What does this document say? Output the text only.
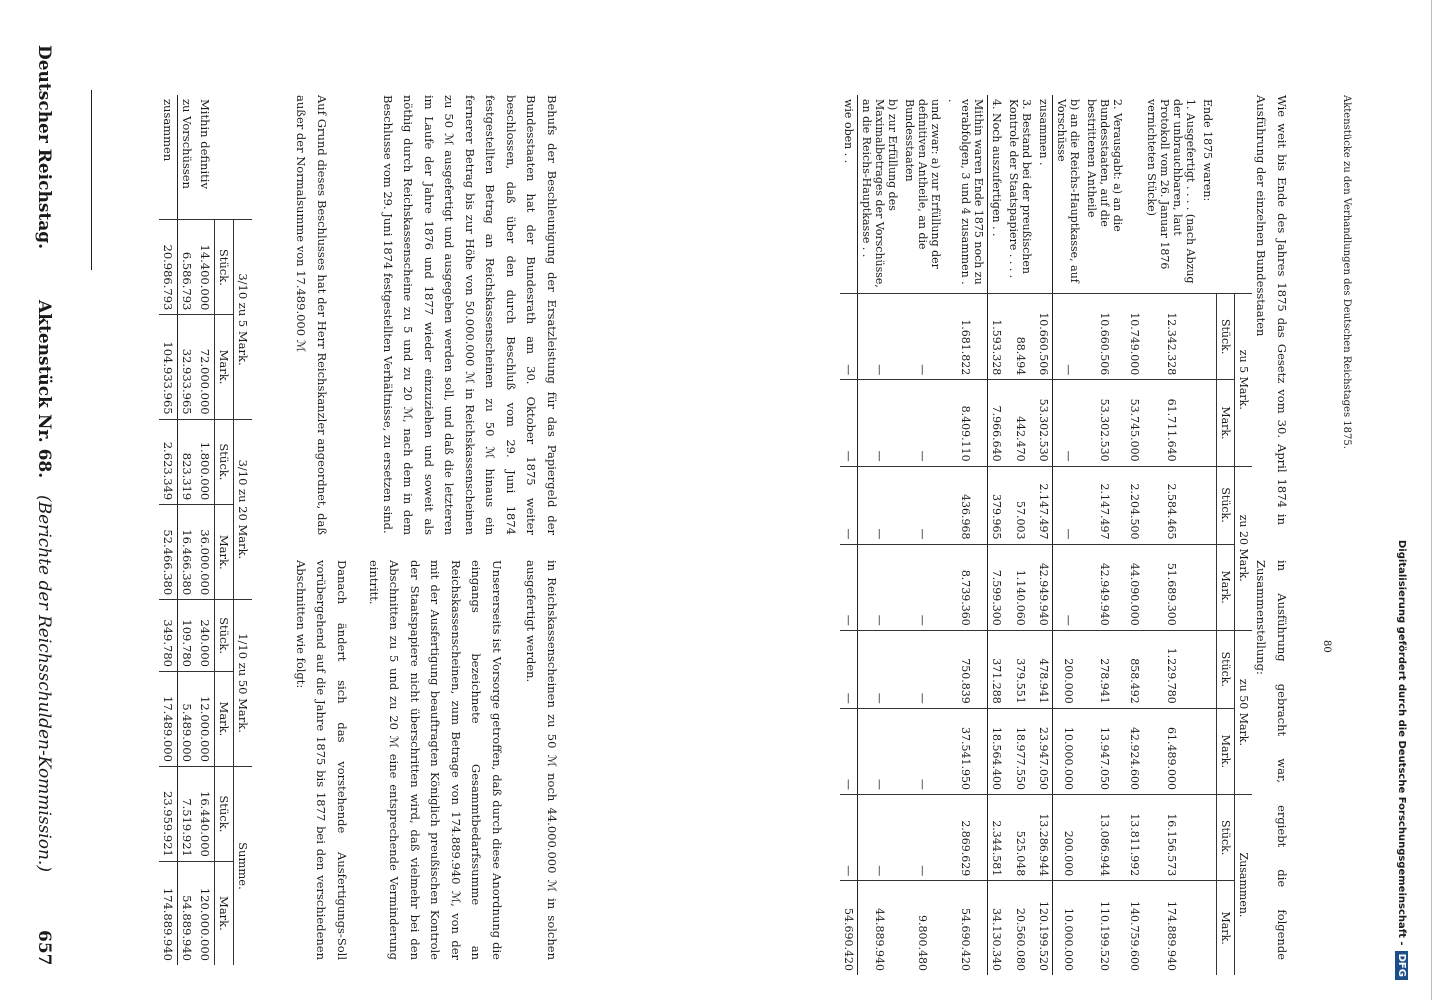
Deutscher Reichstag.
Aktenstück Nr. 68.
(Berichte der Reichsschulden-Kommission.)
657
	3/10 zu 5 Mark.		3/10 zu 20 Mark.		1/10 zu 50 Mark.		Summe.	
	Stück.	Mark.	Stück.	Mark.	Stück.	Mark.	Stück.	Mark.
Mithin definitiv	14.400.000	72.000.000	1.800.000	36.000.000	240.000	12.000.000	16.440.000	120.000.000
zu Vorschüssen	6.586.793	32.933.965	823.319	16.466.380	109.780	5.489.000	7.519.921	54.889.940
zusammen	20.986.793	104.933.965	2.623.349	52.466.380	349.780	17.489.000	23.959.921	174.889.940
Behufs der Beschleunigung der Ersatzleistung für das Papiergeld der Bundesstaaten hat der Bundesrath am 30. Oktober 1875 weiter beschlossen, daß über den durch Beschluß vom 29. Juni 1874 festgestellten Betrag an Reichskassenscheinen zu 50 ℳ hinaus ein fernerer Betrag bis zur Höhe von 50.000.000 ℳ in Reichskassenscheinen zu 50 ℳ ausgefertigt und ausgegeben werden soll, und daß die letzteren im Laufe der Jahre 1876 und 1877 wieder einzuziehen und soweit als nöthig durch Reichskassenscheine zu 5 und zu 20 ℳ, nach dem in dem Beschlusse vom 29. Juni 1874 festgestellten Verhältnisse, zu ersetzen sind.
Auf Grund dieses Beschlusses hat der Herr Reichskanzler angeordnet, daß außer der Normalsumme von 17.489.000 ℳ
in Reichskassenscheinen zu 50 ℳ noch 44.000.000 ℳ in solchen ausgefertigt werden.
Unsererseits ist Vorsorge getroffen, daß durch diese Anordnung die eingangs bezeichnete Gesammtbedarfssumme an Reichskassenscheinen, zum Betrage von 174.889.940 ℳ, von der mit der Ausfertigung beauftragten Königlich preußischen Kontrole der Staatspapiere nicht überschritten wird, daß vielmehr bei den Abschnitten zu 5 und zu 20 ℳ eine entsprechende Verminderung eintritt.
Danach ändert sich das vorstehende Ausfertigungs-Soll vorübergehend auf die Jahre 1875 bis 1877 bei den verschiedenen Abschnitten wie folgt:
	zu 5 Mark.		zu 20 Mark.		zu 50 Mark.		Zusammen.	
	Stück.	Mark.	Stück.	Mark.	Stück.	Mark.	Stück.	Mark.
Ende 1875 waren:								
1. Ausgefertigt . . . . (nach Abzug der unbrauchbaren, laut Protokoll vom 26. Januar 1876 vernichteten Stücke)	12.342.328	61.711.640	2.584.465	51.689.300	1.229.780	61.489.000	16.156.573	174.889.940
	10.749.000	53.745.000	2.204.500	44.090.000	858.492	42.924.600	13.811.992	140.759.600
2. Verausgabt: a) an die Bundesstaaten, auf die bestrittenen Antheile	10.660.506	53.302.530	2.147.497	42.949.940	278.941	13.947.050	13.086.944	110.199.520
b) an die Reichs-Hauptkasse, auf Vorschüsse	—	—	—	—	200.000	10.000.000	200.000	10.000.000
zusammen .	10.660.506	53.302.530	2.147.497	42.949.940	478.941	23.947.050	13.286.944	120.199.520
3. Bestand bei der preußischen Kontrole der Staatspapiere . . . .	88.494	442.470	57.003	1.140.060	379.551	18.977.550	525.048	20.560.080
4. Noch auszufertigen . .	1.593.328	7.966.640	379.965	7.599.300	371.288	18.564.400	2.344.581	34.130.340
Mithin waren Ende 1875 noch zu verabfolgen, 3 und 4 zusammen . .	1.681.822	8.409.110	436.968	8.739.360	750.839	37.541.950	2.869.629	54.690.420
und zwar: a) zur Erfüllung der definitiven Antheile, an die Bundesstaaten	—	—	—	—	—	—	—	9.800.480
b) zur Erfüllung des Maximalbetrages der Vorschüsse, an die Reichs-Hauptkasse . .	—	—	—	—	—	—	—	44.889.940
wie oben . .	—	—	—	—	—	—	—	54.690.420
Wie weit bis Ende des Jahres 1875 das Gesetz vom 30. April 1874 in Ausführung der einzelnen Bundesstaaten
in Ausführung gebracht war, ergiebt die folgende Zusammenstellung:
Aktenstücke zu den Verhandlungen des Deutschen Reichstages 1875.
80	Digitalisierung gefördert durch die Deutsche Forschungsgemeinschaft - DFG
